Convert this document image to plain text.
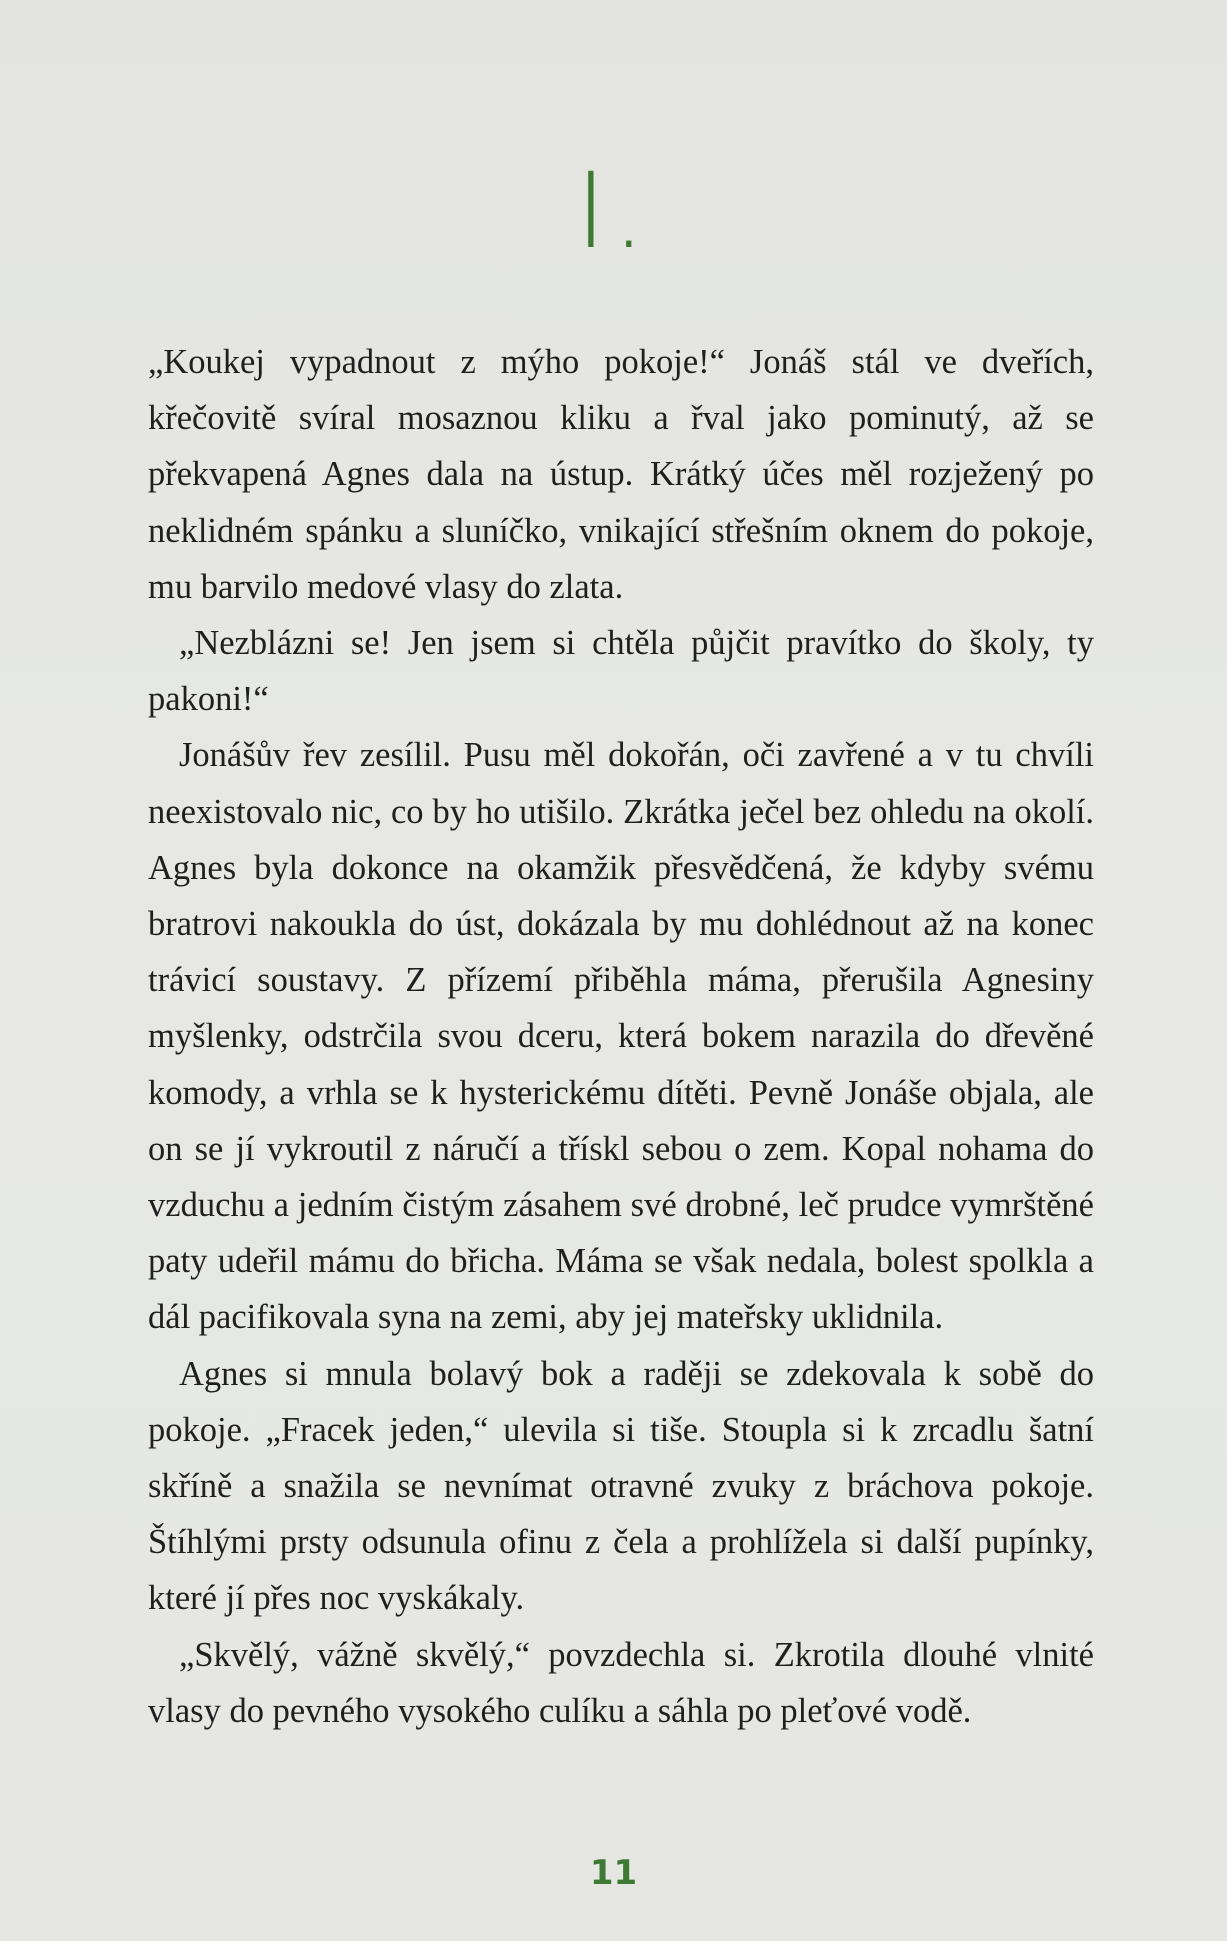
I.

„Koukej vypadnout z mýho pokoje!“ Jonáš stál ve dveřích, křečovitě svíral mosaznou kliku a řval jako pominutý, až se překvapená Agnes dala na ústup. Krátký účes měl rozježený po neklidném spánku a sluníčko, vnikající střešním oknem do pokoje, mu barvilo medové vlasy do zlata.

„Nezblázni se! Jen jsem si chtěla půjčit pravítko do školy, ty pakoni!“

Jonášův řev zesílil. Pusu měl dokořán, oči zavřené a v tu chvíli neexistovalo nic, co by ho utišilo. Zkrátka ječel bez ohledu na okolí. Agnes byla dokonce na okamžik přesvědčená, že kdyby svému bratrovi nakoukla do úst, dokázala by mu dohlédnout až na konec trávicí soustavy. Z přízemí přiběhla máma, přerušila Agnesiny myšlenky, odstrčila svou dceru, která bokem narazila do dřevěné komody, a vrhla se k hysterickému dítěti. Pevně Jonáše objala, ale on se jí vykroutil z náručí a třískl sebou o zem. Kopal nohama do vzduchu a jedním čistým zásahem své drobné, leč prudce vymrštěné paty udeřil mámu do břicha. Máma se však nedala, bolest spolkla a dál pacifikovala syna na zemi, aby jej mateřsky uklidnila.

Agnes si mnula bolavý bok a raději se zdekovala k sobě do pokoje. „Fracek jeden,“ ulevila si tiše. Stoupla si k zrcadlu šatní skříně a snažila se nevnímat otravné zvuky z bráchova pokoje. Štíhlými prsty odsunula ofinu z čela a prohlížela si další pupínky, které jí přes noc vyskákaly.

„Skvělý, vážně skvělý,“ povzdechla si. Zkrotila dlouhé vlnité vlasy do pevného vysokého culíku a sáhla po pleťové vodě.

11
